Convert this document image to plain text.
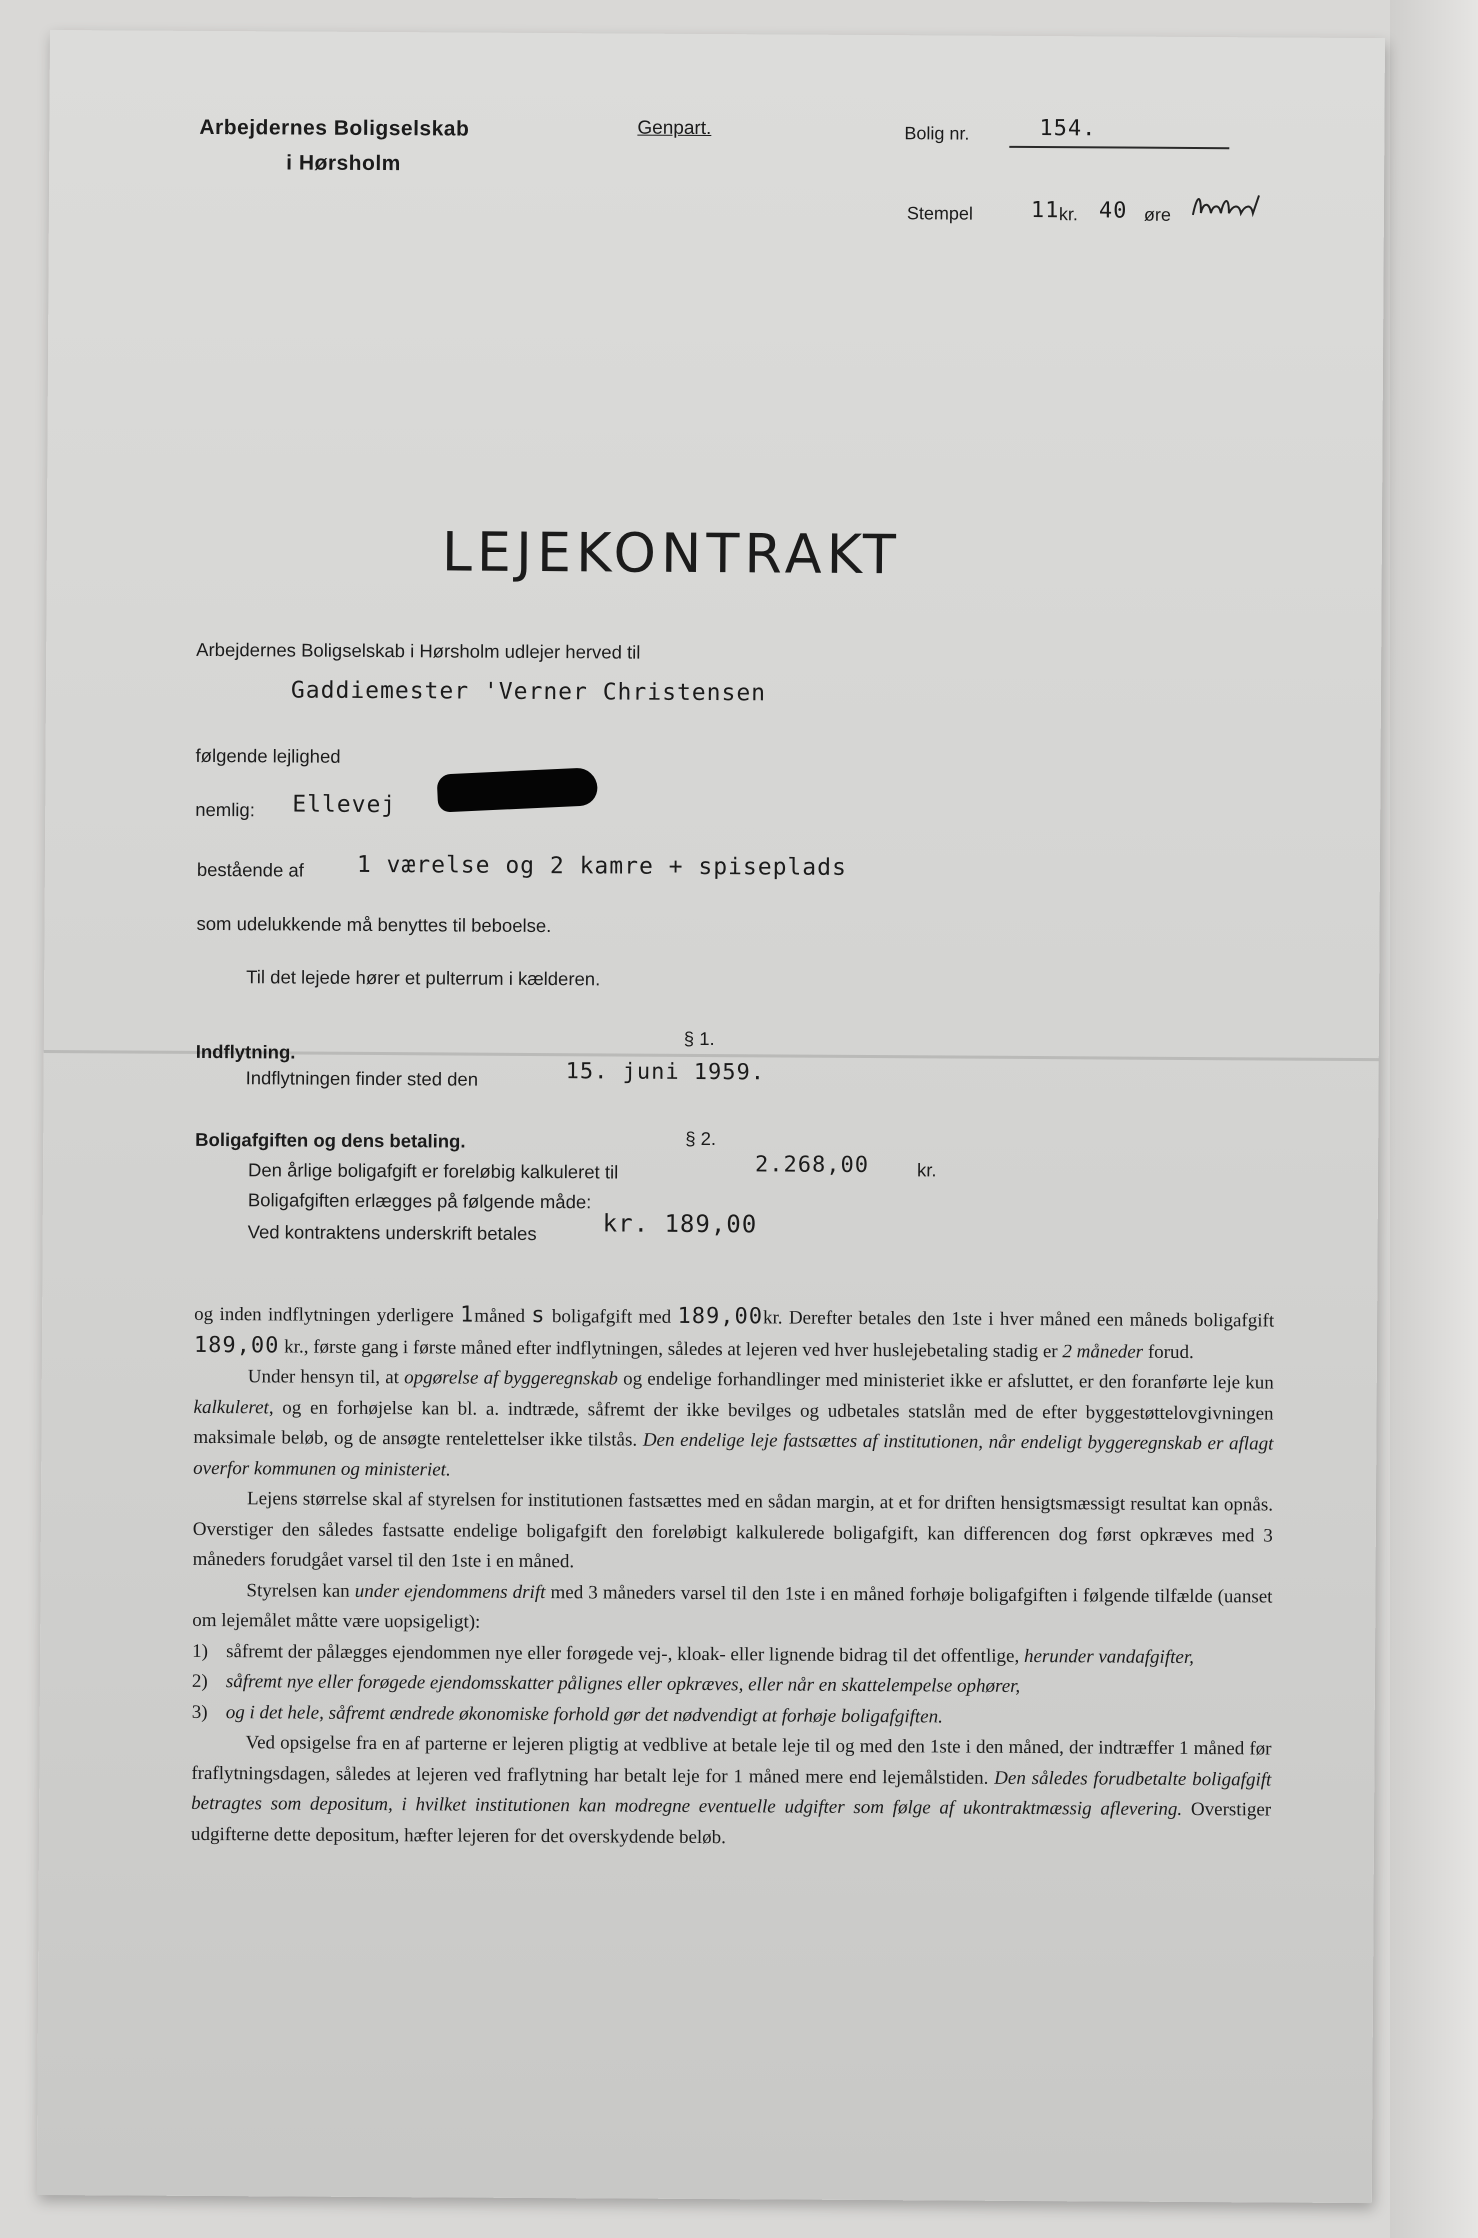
Arbejdernes Boligselskab
i Hørsholm
Genpart.	Bolig nr.	154.
Stempel	11 kr. 40 øre
LEJEKONTRAKT
Arbejdernes Boligselskab i Hørsholm udlejer herved til
Gaddiemester 'Verner Christensen
følgende lejlighed
nemlig: Ellevej
bestående af 1 værelse og 2 kamre + spiseplads
som udelukkende må benyttes til beboelse.
Til det lejede hører et pulterrum i kælderen.
Indflytning.
§ 1.
Indflytningen finder sted den	15. juni 1959.
Boligafgiften og dens betaling.	§ 2.
Den årlige boligafgift er foreløbig kalkuleret til	2.268,00	kr.
Boligafgiften erlægges på følgende måde:
Ved kontraktens underskrift betales	kr. 189,00

og inden indflytningen yderligere 1måned s boligafgift med 189,00kr. Derefter betales den 1ste i hver måned een måneds boligafgift 189,00 kr., første gang i første måned efter indflytningen, således at lejeren ved hver huslejebetaling stadig er 2 måneder forud.

Under hensyn til, at opgørelse af byggeregnskab og endelige forhandlinger med ministeriet ikke er afsluttet, er den foranførte leje kun kalkuleret, og en forhøjelse kan bl. a. indtræde, såfremt der ikke bevilges og udbetales statslån med de efter byggestøttelovgivningen maksimale beløb, og de ansøgte rentelettelser ikke tilstås. Den endelige leje fastsættes af institutionen, når endeligt byggeregnskab er aflagt overfor kommunen og ministeriet.

Lejens størrelse skal af styrelsen for institutionen fastsættes med en sådan margin, at et for driften hensigtsmæssigt resultat kan opnås. Overstiger den således fastsatte endelige boligafgift den foreløbigt kalkulerede boligafgift, kan differencen dog først opkræves med 3 måneders forudgået varsel til den 1ste i en måned.

Styrelsen kan under ejendommens drift med 3 måneders varsel til den 1ste i en måned forhøje boligafgiften i følgende tilfælde (uanset om lejemålet måtte være uopsigeligt):

1) såfremt der pålægges ejendommen nye eller forøgede vej-, kloak- eller lignende bidrag til det offentlige, herunder vandafgifter,
2) såfremt nye eller forøgede ejendomsskatter pålignes eller opkræves, eller når en skattelempelse ophører,
3) og i det hele, såfremt ændrede økonomiske forhold gør det nødvendigt at forhøje boligafgiften.

Ved opsigelse fra en af parterne er lejeren pligtig at vedblive at betale leje til og med den 1ste i den måned, der indtræffer 1 måned før fraflytningsdagen, således at lejeren ved fraflytning har betalt leje for 1 måned mere end lejemålstiden. Den således forudbetalte boligafgift betragtes som depositum, i hvilket institutionen kan modregne eventuelle udgifter som følge af ukontraktmæssig aflevering. Overstiger udgifterne dette depositum, hæfter lejeren for det overskydende beløb.
